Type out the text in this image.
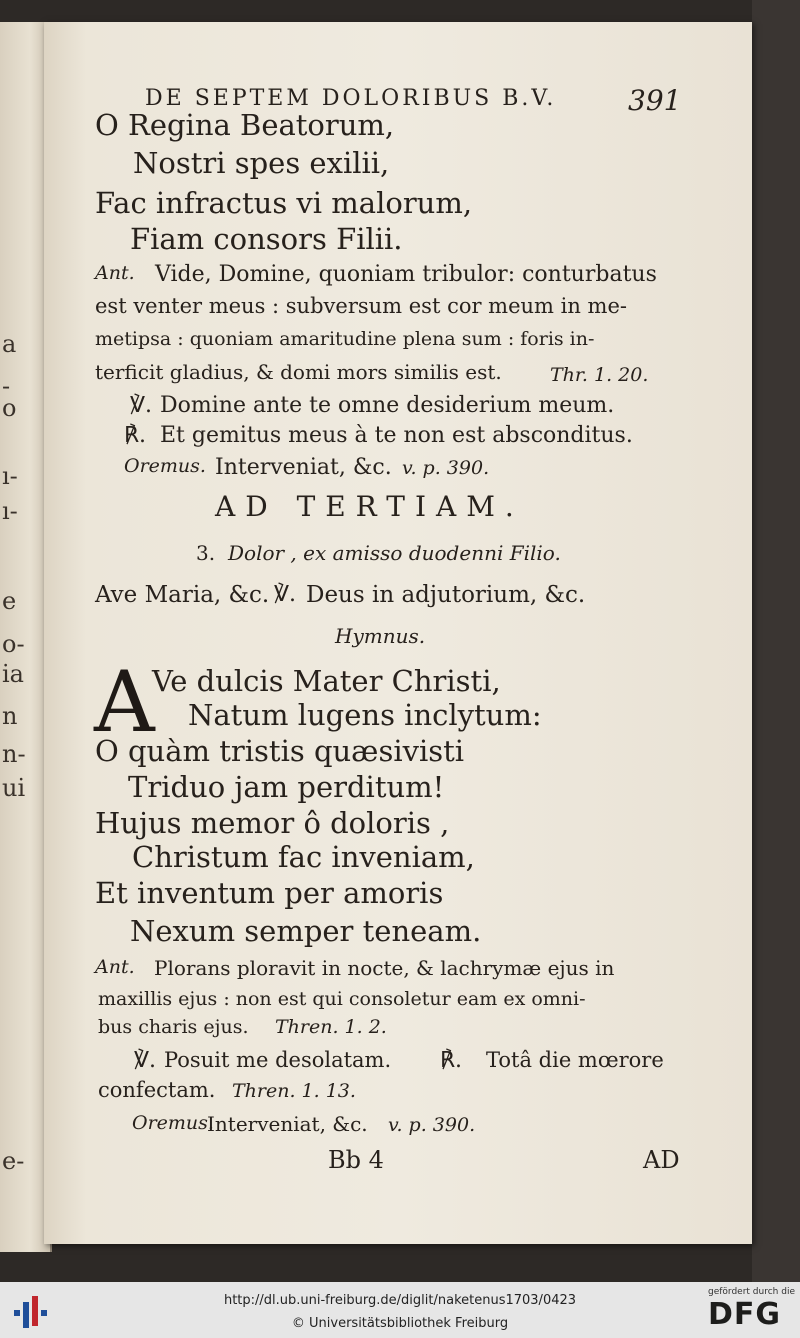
a
-
o
ı-
ı-
e
o-
ia
n
n-
ui
e-
DE SEPTEM DOLORIBUS B.V.	391
O Regina Beatorum,
Nostri spes exilii,
Fac infractus vi malorum,
Fiam consors Filii.
Ant. Vide, Domine, quoniam tribulor: conturbatus
est venter meus : subversum est cor meum in me-
metipsa : quoniam amaritudine plena sum : foris in-
terficit gladius, & domi mors similis est.	Thr. 1. 20.
℣. Domine ante te omne desiderium meum.
℟. Et gemitus meus à te non est absconditus.
Oremus. Interveniat, &c. v. p. 390.
AD TERTIAM.
3. Dolor , ex amisso duodenni Filio.
Ave Maria, &c. ℣. Deus in adjutorium, &c.
Hymnus.
A
Ve dulcis Mater Christi,
Natum lugens inclytum:
O quàm tristis quæsivisti
Triduo jam perditum!
Hujus memor ô doloris ,
Christum fac inveniam,
Et inventum per amoris
Nexum semper teneam.
Ant. Plorans ploravit in nocte, & lachrymæ ejus in
maxillis ejus : non est qui consoletur eam ex omni-
bus charis ejus. Thren. 1. 2.
℣. Posuit me desolatam. ℟. Totâ die mœrore
confectam. Thren. 1. 13.
Oremus.
Interveniat, &c. v. p. 390.
Bb 4	AD
http://dl.ub.uni-freiburg.de/diglit/naketenus1703/0423
© Universitätsbibliothek Freiburg
gefördert durch die
DFG
